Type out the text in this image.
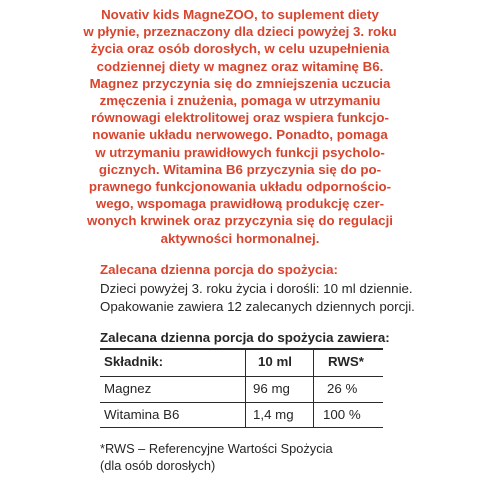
Novativ kids MagneZOO, to suplement diety
w płynie, przeznaczony dla dzieci powyżej 3. roku
życia oraz osób dorosłych, w celu uzupełnienia
codziennej diety w magnez oraz witaminę B6.
Magnez przyczynia się do zmniejszenia uczucia
zmęczenia i znużenia, pomaga w utrzymaniu
równowagi elektrolitowej oraz wspiera funkcjo-
nowanie układu nerwowego. Ponadto, pomaga
w utrzymaniu prawidłowych funkcji psycholo-
gicznych. Witamina B6 przyczynia się do po-
prawnego funkcjonowania układu odpornościo-
wego, wspomaga prawidłową produkcję czer-
wonych krwinek oraz przyczynia się do regulacji
aktywności hormonalnej.
Zalecana dzienna porcja do spożycia:
Dzieci powyżej 3. roku życia i dorośli: 10 ml dziennie.
Opakowanie zawiera 12 zalecanych dziennych porcji.
Zalecana dzienna porcja do spożycia zawiera:
Składnik:	10 ml	RWS*
Magnez	96 mg	26 %
Witamina B6	1,4 mg 100 %
*RWS – Referencyjne Wartości Spożycia
(dla osób dorosłych)
